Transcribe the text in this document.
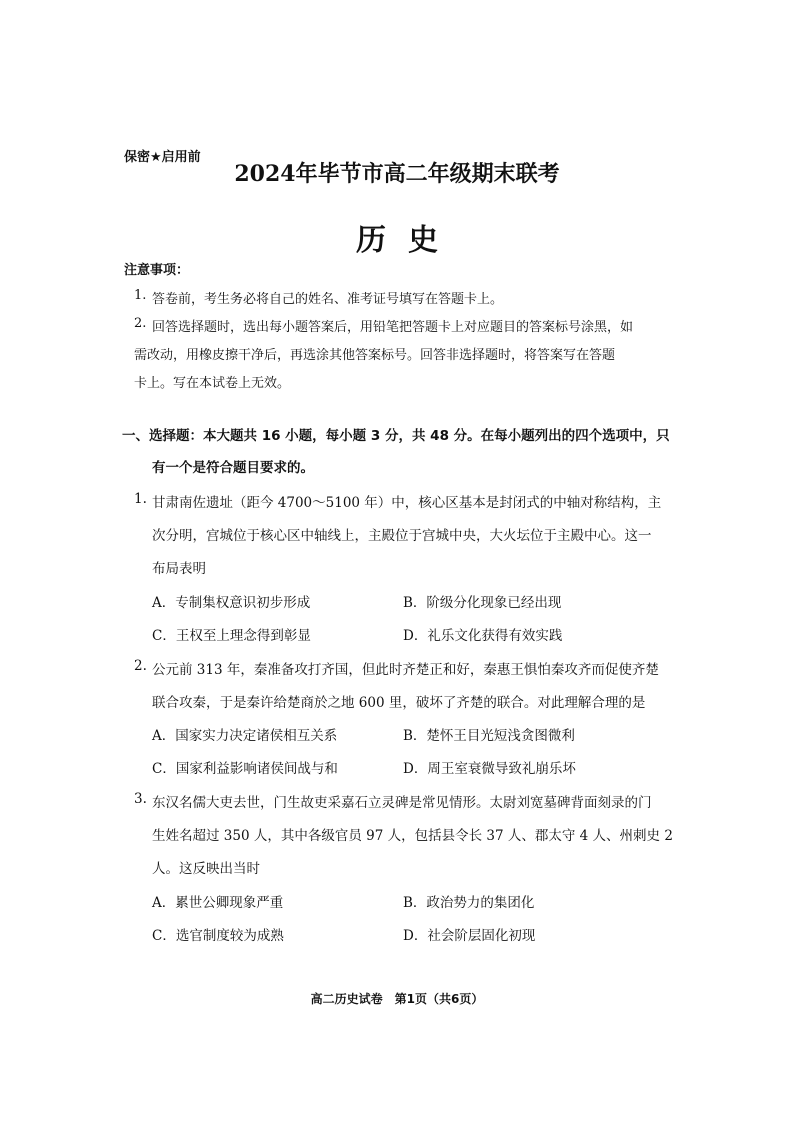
保密★启用前
2024年毕节市高二年级期末联考
历史
注意事项：
1. 答卷前，考生务必将自己的姓名、准考证号填写在答题卡上。
2. 回答选择题时，选出每小题答案后，用铅笔把答题卡上对应题目的答案标号涂黑，如
需改动，用橡皮擦干净后，再选涂其他答案标号。回答非选择题时，将答案写在答题
卡上。写在本试卷上无效。
一、选择题：本大题共 16 小题，每小题 3 分，共 48 分。在每小题列出的四个选项中，只
有一个是符合题目要求的。
1. 甘肃南佐遗址（距今 4700～5100 年）中，核心区基本是封闭式的中轴对称结构，主
次分明，宫城位于核心区中轴线上，主殿位于宫城中央，大火坛位于主殿中心。这一
布局表明
A．专制集权意识初步形成	B．阶级分化现象已经出现
C．王权至上理念得到彰显	D．礼乐文化获得有效实践
2. 公元前 313 年，秦准备攻打齐国，但此时齐楚正和好，秦惠王惧怕秦攻齐而促使齐楚
联合攻秦，于是秦许给楚商於之地 600 里，破坏了齐楚的联合。对此理解合理的是
A．国家实力决定诸侯相互关系	B．楚怀王目光短浅贪图微利
C．国家利益影响诸侯间战与和	D．周王室衰微导致礼崩乐坏
3. 东汉名儒大吏去世，门生故吏采嘉石立灵碑是常见情形。太尉刘宽墓碑背面刻录的门
生姓名超过 350 人，其中各级官员 97 人，包括县令长 37 人、郡太守 4 人、州刺史 2
人。这反映出当时
A．累世公卿现象严重	B．政治势力的集团化
C．选官制度较为成熟	D．社会阶层固化初现
高二历史试卷　第1页（共6页）
